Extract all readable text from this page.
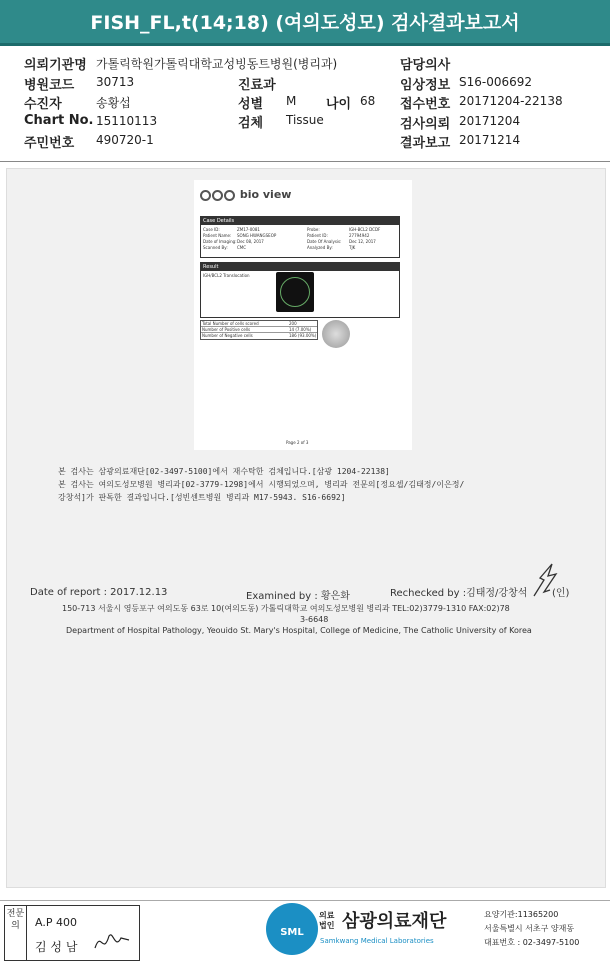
FISH_FL,t(14;18) (여의도성모) 검사결과보고서
의뢰기관명 가톨릭학원가톨릭대학교성빙동트병원(병리과)	담당의사
병원코드 30713	진료과	임상정보 S16-006692
수진자	송황섭	성별 M 나이 68 접수번호 20171204-22138
Chart No. 15110113	검체 Tissue	검사의뢰 20171204
주민번호 490720-1	결과보고 20171214
bio view
Case Details
Case ID:	ZM17-0081
Patient Name: SONG HWANGSEOP
Date of Imaging: Dec 08, 2017
Scanned By: CMC
Probe:	IGH-BCL2 DCDF
Patient ID:	27794942
Date Of Analysis: Dec 12, 2017
Analyzed By:	TJK
Result
IGH/BCL2 Translocation
Total Number of cells scored	200
Number of Positive cells	14 (7.00%)
Number of Negative cells	186 (93.00%)
Page 2 of 3
본 검사는 삼광의료재단[02-3497-5100]에서 재수탁한 검체입니다.[삼광 1204-22138]
본 검사는 여의도성모병원 병리과[02-3779-1298]에서 시행되었으며, 병리과 전문의[정요셉/김태정/이은정/
강창석]가 판독한 결과입니다.[성빈센트병원 병리과 M17-5943. S16-6692]
Date of report : 2017.12.13	Examined by : 황은화	Rechecked by :김태정/강창석 (인)
150-713 서울시 영등포구 여의도동 63로 10(여의도동) 가톨릭대학교 여의도성모병원 병리과 TEL:02)3779-1310 FAX:02)78
3-6648
Department of Hospital Pathology, Yeouido St. Mary's Hospital, College of Medicine, The Catholic University of Korea
전문의	A.P 400
김 성 남
SML
의료법인 삼광의료재단
Samkwang Medical Laboratories
요양기관:11365200
서울특별시 서초구 양재동
대표번호 : 02-3497-5100
